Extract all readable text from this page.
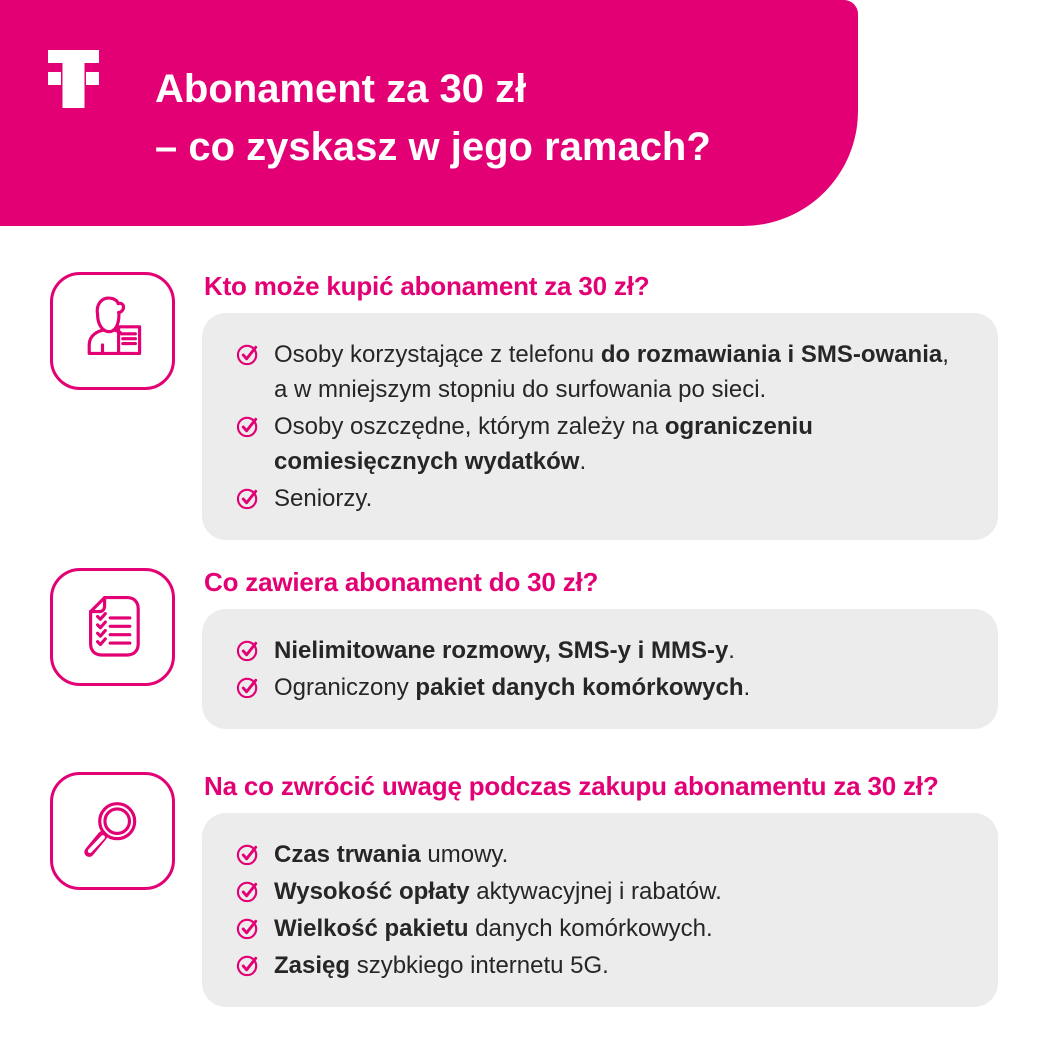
Abonament za 30 zł
– co zyskasz w jego ramach?
Kto może kupić abonament za 30 zł?
Osoby korzystające z telefonu do rozmawiania i SMS-owania,
a w mniejszym stopniu do surfowania po sieci.
Osoby oszczędne, którym zależy na ograniczeniu
comiesięcznych wydatków.
Seniorzy.
Co zawiera abonament do 30 zł?
Nielimitowane rozmowy, SMS-y i MMS-y.
Ograniczony pakiet danych komórkowych.
Na co zwrócić uwagę podczas zakupu abonamentu za 30 zł?
Czas trwania umowy.
Wysokość opłaty aktywacyjnej i rabatów.
Wielkość pakietu danych komórkowych.
Zasięg szybkiego internetu 5G.
